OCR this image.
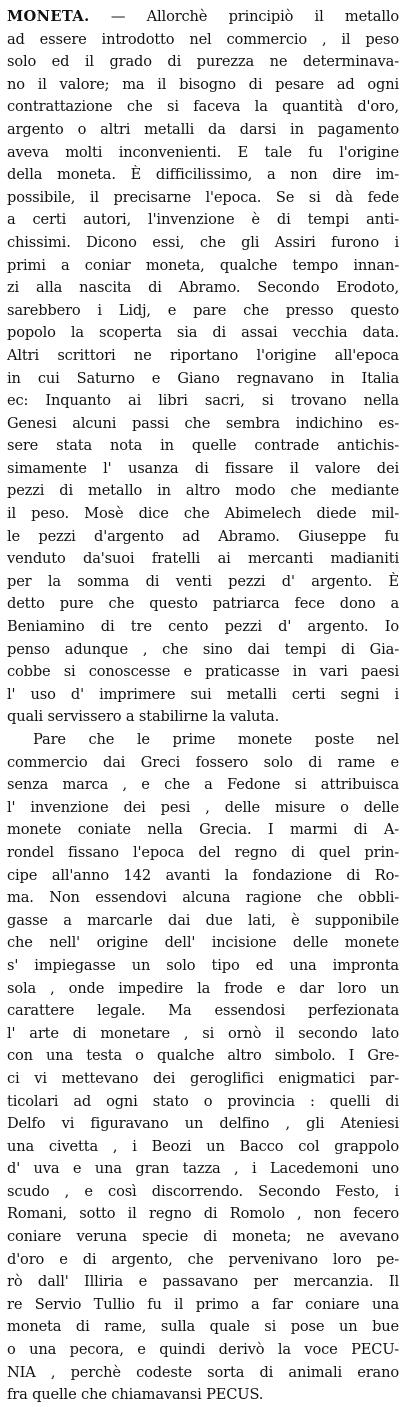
MONETA. — Allorchè principiò il metallo
ad essere introdotto nel commercio , il peso
solo ed il grado di purezza ne determinava-
no il valore; ma il bisogno di pesare ad ogni
contrattazione che si faceva la quantità d'oro,
argento o altri metalli da darsi in pagamento
aveva molti inconvenienti. E tale fu l'origine
della moneta. È difficilissimo, a non dire im-
possibile, il precisarne l'epoca. Se si dà fede
a certi autori, l'invenzione è di tempi anti-
chissimi. Dicono essi, che gli Assiri furono i
primi a coniar moneta, qualche tempo innan-
zi alla nascita di Abramo. Secondo Erodoto,
sarebbero i Lidj, e pare che presso questo
popolo la scoperta sia di assai vecchia data.
Altri scrittori ne riportano l'origine all'epoca
in cui Saturno e Giano regnavano in Italia
ec: Inquanto ai libri sacri, si trovano nella
Genesi alcuni passi che sembra indichino es-
sere stata nota in quelle contrade antichis-
simamente l' usanza di fissare il valore dei
pezzi di metallo in altro modo che mediante
il peso. Mosè dice che Abimelech diede mil-
le pezzi d'argento ad Abramo. Giuseppe fu
venduto da'suoi fratelli ai mercanti madianiti
per la somma di venti pezzi d' argento. È
detto pure che questo patriarca fece dono a
Beniamino di tre cento pezzi d' argento. Io
penso adunque , che sino dai tempi di Gia-
cobbe si conoscesse e praticasse in vari paesi
l' uso d' imprimere sui metalli certi segni i
quali servissero a stabilirne la valuta.
Pare che le prime monete poste nel
commercio dai Greci fossero solo di rame e
senza marca , e che a Fedone si attribuisca
l' invenzione dei pesi , delle misure o delle
monete coniate nella Grecia. I marmi di A-
rondel fissano l'epoca del regno di quel prin-
cipe all'anno 142 avanti la fondazione di Ro-
ma. Non essendovi alcuna ragione che obbli-
gasse a marcarle dai due lati, è supponibile
che nell' origine dell' incisione delle monete
s' impiegasse un solo tipo ed una impronta
sola , onde impedire la frode e dar loro un
carattere legale. Ma essendosi perfezionata
l' arte di monetare , si ornò il secondo lato
con una testa o qualche altro simbolo. I Gre-
ci vi mettevano dei geroglifici enigmatici par-
ticolari ad ogni stato o provincia : quelli di
Delfo vi figuravano un delfino , gli Ateniesi
una civetta , i Beozi un Bacco col grappolo
d' uva e una gran tazza , i Lacedemoni uno
scudo , e così discorrendo. Secondo Festo, i
Romani, sotto il regno di Romolo , non fecero
coniare veruna specie di moneta; ne avevano
d'oro e di argento, che pervenivano loro pe-
rò dall' Illiria e passavano per mercanzia. Il
re Servio Tullio fu il primo a far coniare una
moneta di rame, sulla quale si pose un bue
o una pecora, e quindi derivò la voce PECU-
NIA , perchè codeste sorta di animali erano
fra quelle che chiamavansi PECUS.
